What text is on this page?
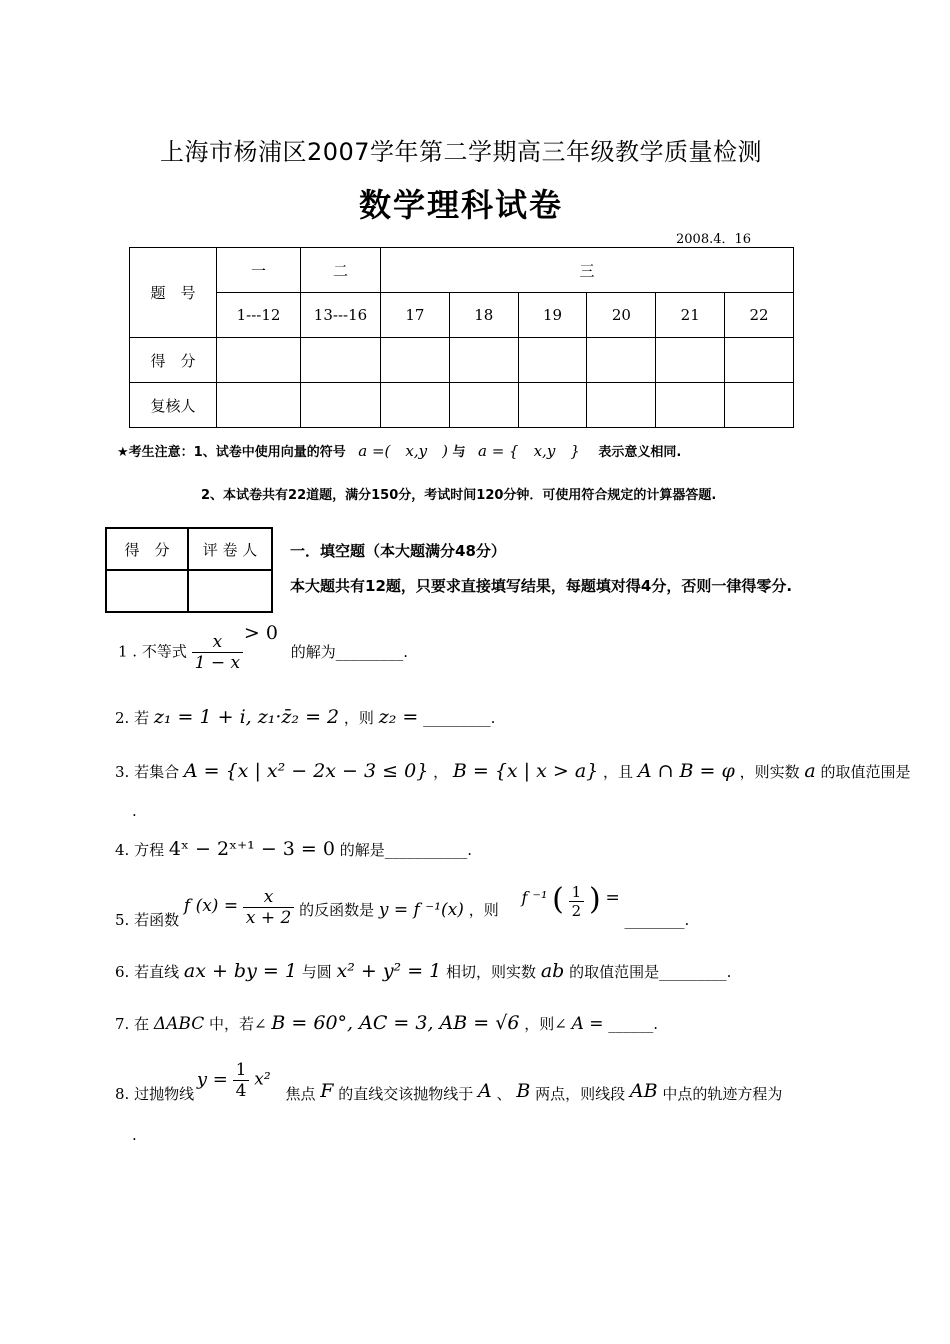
上海市杨浦区2007学年第二学期高三年级教学质量检测
数学理科试卷
2008.4．16
题　号	一	二	三					
	1---12	13---16	17	18	19	20	21	22
得　分								
复核人								
★考生注意：1、试卷中使用向量的符号 a =(　x,y　) 与 a = {　x,y　} 表示意义相同.
2、本试卷共有22道题，满分150分，考试时间120分钟．可使用符合规定的计算器答题.
得　分	评 卷 人
	一．填空题（本大题满分48分）
本大题共有12题，只要求直接填写结果，每题填对得4分，否则一律得零分.
1 . 不等式 $\frac{x}{1 - x} > 0$ 的解为_________.
2. 若 z₁ = 1 + i, z₁·z̄₂ = 2 ，则 z₂ = _________.
3. 若集合 A = {x | x² − 2x − 3 ≤ 0} ， B = {x | x > a} ，且 A ∩ B = φ ，则实数 a 的取值范围是
.
4. 方程 4ˣ − 2ˣ⁺¹ − 3 = 0 的解是___________.
5. 若函数 f $(x) = \frac{x}{x + 2}$ 的反函数是 y = f ⁻¹(x) ，则 f ⁻¹ ( $\frac{1}{2}$ ) = ________.
6. 若直线 ax + by = 1 与圆 x² + y² = 1 相切，则实数 ab 的取值范围是_________.
7. 在 ΔABC 中，若∠ B = 60°, AC = 3, AB = √6 ，则∠ A = ______.
8. 过抛物线 $y = \frac{1}{4} x^2$ 焦点 F 的直线交该抛物线于 A 、 B 两点，则线段 AB 中点的轨迹方程为
.
